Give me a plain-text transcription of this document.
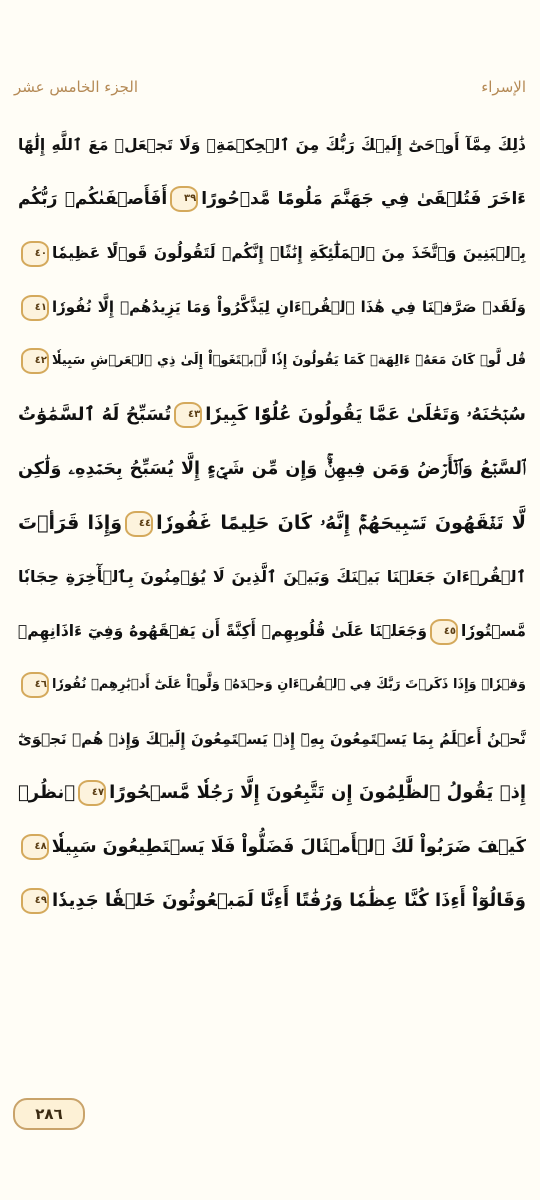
الجزء الخامس عشر	الإسراء
ذَٰلِكَ مِمَّآ أَوۡحَىٰٓ إِلَيۡكَ رَبُّكَ مِنَ ٱلۡحِكۡمَةِۗ وَلَا تَجۡعَلۡ مَعَ ٱللَّهِ إِلَٰهًا
ءَاخَرَ فَتُلۡقَىٰ فِي جَهَنَّمَ مَلُومًا مَّدۡحُورًا٣٩أَفَأَصۡفَىٰكُمۡ رَبُّكُم
بِٱلۡبَنِينَ وَٱتَّخَذَ مِنَ ٱلۡمَلَٰٓئِكَةِ إِنَٰثًاۚ إِنَّكُمۡ لَتَقُولُونَ قَوۡلًا عَظِيمٗا٤٠
وَلَقَدۡ صَرَّفۡنَا فِي هَٰذَا ٱلۡقُرۡءَانِ لِيَذَّكَّرُواْ وَمَا يَزِيدُهُمۡ إِلَّا نُفُورٗا٤١
قُل لَّوۡ كَانَ مَعَهُۥٓ ءَالِهَةٞ كَمَا يَقُولُونَ إِذٗا لَّٱبۡتَغَوۡاْ إِلَىٰ ذِي ٱلۡعَرۡشِ سَبِيلٗا٤٢
سُبۡحَٰنَهُۥ وَتَعَٰلَىٰ عَمَّا يَقُولُونَ عُلُوّٗا كَبِيرٗا٤٣تُسَبِّحُ لَهُ ٱلسَّمَٰوَٰتُ
ٱلسَّبۡعُ وَٱلۡأَرۡضُ وَمَن فِيهِنَّۚ وَإِن مِّن شَيۡءٍ إِلَّا يُسَبِّحُ بِحَمۡدِهِۦ وَلَٰكِن
لَّا تَفۡقَهُونَ تَسۡبِيحَهُمۡۚ إِنَّهُۥ كَانَ حَلِيمًا غَفُورٗا٤٤وَإِذَا قَرَأۡتَ
ٱلۡقُرۡءَانَ جَعَلۡنَا بَيۡنَكَ وَبَيۡنَ ٱلَّذِينَ لَا يُؤۡمِنُونَ بِٱلۡأٓخِرَةِ حِجَابٗا
مَّسۡتُورٗا٤٥وَجَعَلۡنَا عَلَىٰ قُلُوبِهِمۡ أَكِنَّةً أَن يَفۡقَهُوهُ وَفِيٓ ءَاذَانِهِمۡ
وَقۡرٗاۚ وَإِذَا ذَكَرۡتَ رَبَّكَ فِي ٱلۡقُرۡءَانِ وَحۡدَهُۥ وَلَّوۡاْ عَلَىٰٓ أَدۡبَٰرِهِمۡ نُفُورٗا٤٦
نَّحۡنُ أَعۡلَمُ بِمَا يَسۡتَمِعُونَ بِهِۦٓ إِذۡ يَسۡتَمِعُونَ إِلَيۡكَ وَإِذۡ هُمۡ نَجۡوَىٰٓ
إِذۡ يَقُولُ ٱلظَّٰلِمُونَ إِن تَتَّبِعُونَ إِلَّا رَجُلٗا مَّسۡحُورًا٤٧ٱنظُرۡ
كَيۡفَ ضَرَبُواْ لَكَ ٱلۡأَمۡثَالَ فَضَلُّواْ فَلَا يَسۡتَطِيعُونَ سَبِيلٗا٤٨
وَقَالُوٓاْ أَءِذَا كُنَّا عِظَٰمٗا وَرُفَٰتًا أَءِنَّا لَمَبۡعُوثُونَ خَلۡقٗا جَدِيدٗا٤٩
٢٨٦
